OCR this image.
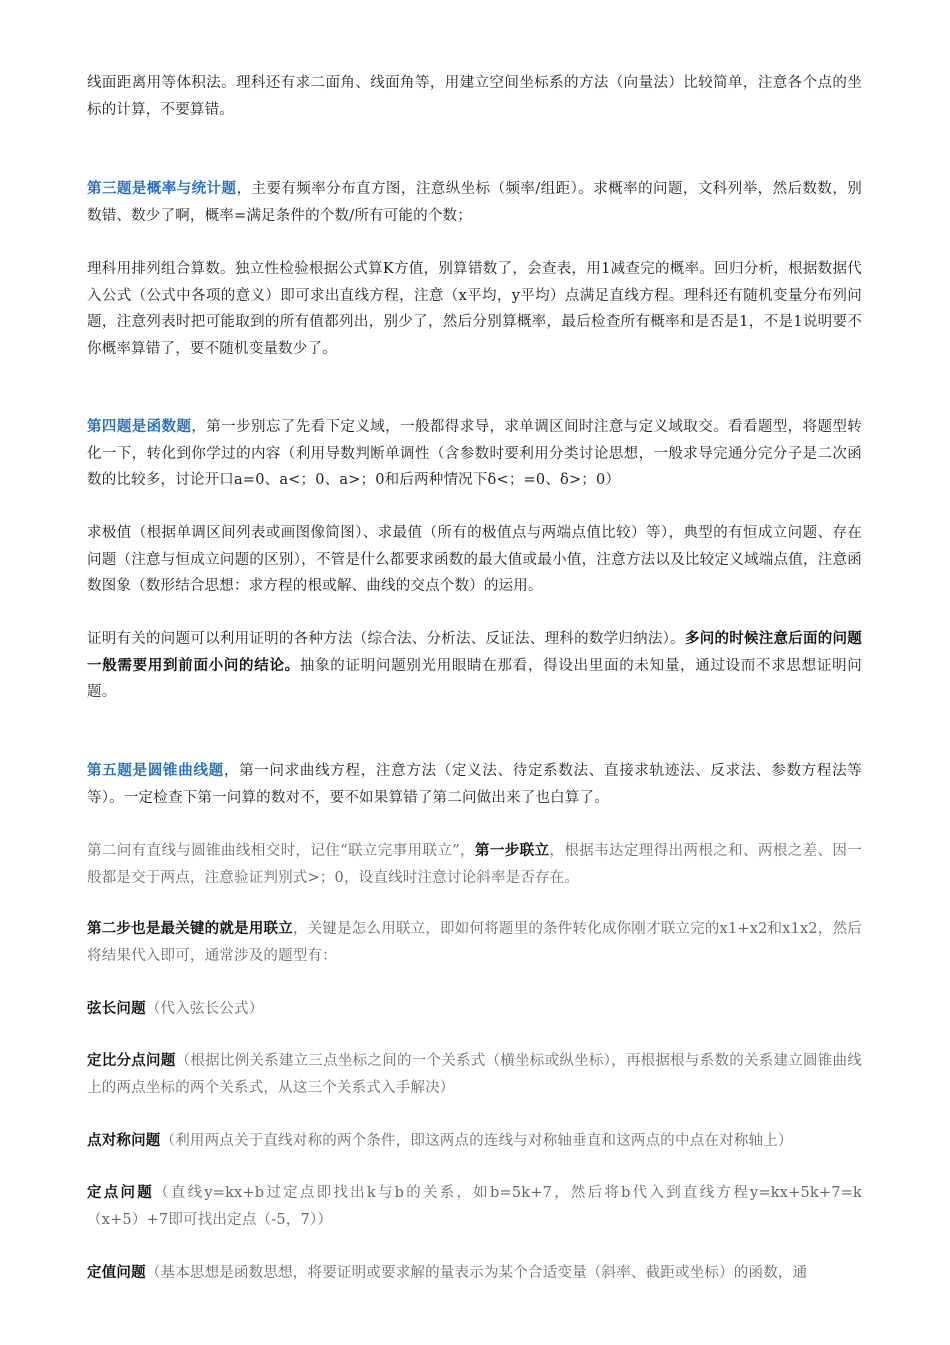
线面距离用等体积法。理科还有求二面角、线面角等，用建立空间坐标系的方法（向量法）比较简单，注意各个点的坐标的计算，不要算错。

第三题是概率与统计题，主要有频率分布直方图，注意纵坐标（频率/组距）。求概率的问题，文科列举，然后数数，别数错、数少了啊，概率=满足条件的个数/所有可能的个数；

理科用排列组合算数。独立性检验根据公式算K方值，别算错数了，会查表，用1减查完的概率。回归分析，根据数据代入公式（公式中各项的意义）即可求出直线方程，注意（x平均，y平均）点满足直线方程。理科还有随机变量分布列问题，注意列表时把可能取到的所有值都列出，别少了，然后分别算概率，最后检查所有概率和是否是1，不是1说明要不你概率算错了，要不随机变量数少了。

第四题是函数题，第一步别忘了先看下定义域，一般都得求导，求单调区间时注意与定义域取交。看看题型，将题型转化一下，转化到你学过的内容（利用导数判断单调性（含参数时要利用分类讨论思想，一般求导完通分完分子是二次函数的比较多，讨论开口a=0、a<；0、a>；0和后两种情况下δ<；=0、δ>；0）

求极值（根据单调区间列表或画图像简图）、求最值（所有的极值点与两端点值比较）等），典型的有恒成立问题、存在问题（注意与恒成立问题的区别），不管是什么都要求函数的最大值或最小值，注意方法以及比较定义域端点值，注意函数图象（数形结合思想：求方程的根或解、曲线的交点个数）的运用。

证明有关的问题可以利用证明的各种方法（综合法、分析法、反证法、理科的数学归纳法）。多问的时候注意后面的问题一般需要用到前面小问的结论。抽象的证明问题别光用眼睛在那看，得设出里面的未知量，通过设而不求思想证明问题。

第五题是圆锥曲线题，第一问求曲线方程，注意方法（定义法、待定系数法、直接求轨迹法、反求法、参数方程法等等）。一定检查下第一问算的数对不，要不如果算错了第二问做出来了也白算了。

第二问有直线与圆锥曲线相交时，记住“联立完事用联立”，第一步联立，根据韦达定理得出两根之和、两根之差、因一般都是交于两点，注意验证判别式>；0，设直线时注意讨论斜率是否存在。

第二步也是最关键的就是用联立，关键是怎么用联立，即如何将题里的条件转化成你刚才联立完的x1+x2和x1x2，然后将结果代入即可，通常涉及的题型有：

弦长问题（代入弦长公式）

定比分点问题（根据比例关系建立三点坐标之间的一个关系式（横坐标或纵坐标），再根据根与系数的关系建立圆锥曲线上的两点坐标的两个关系式，从这三个关系式入手解决）

点对称问题（利用两点关于直线对称的两个条件，即这两点的连线与对称轴垂直和这两点的中点在对称轴上）

定点问题（直线y=kx+b过定点即找出k与b的关系，如b=5k+7，然后将b代入到直线方程y=kx+5k+7=k（x+5）+7即可找出定点（-5，7））

定值问题（基本思想是函数思想，将要证明或要求解的量表示为某个合适变量（斜率、截距或坐标）的函数，通
